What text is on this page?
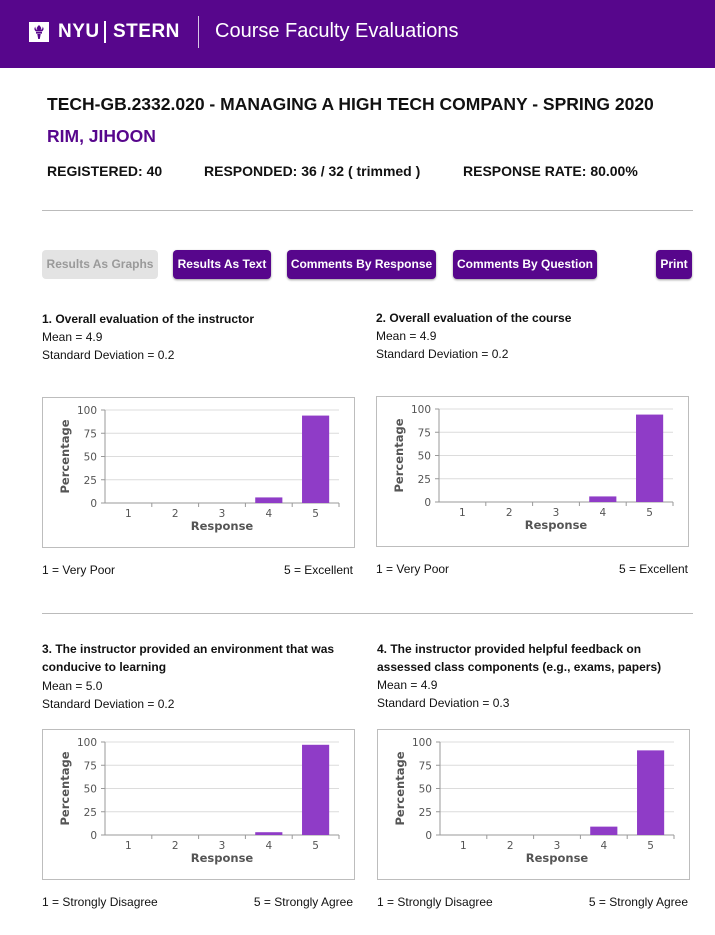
NYU STERN Course Faculty Evaluations
TECH-GB.2332.020 - MANAGING A HIGH TECH COMPANY - SPRING 2020
RIM, JIHOON
REGISTERED: 40	RESPONDED: 36 / 32 ( trimmed )	RESPONSE RATE: 80.00%
Results As Graphs	Results As Text	Comments By Response	Comments By Question	Print
1. Overall evaluation of the instructor
Mean = 4.9
Standard Deviation = 0.2
0
25
50
75
100
1	2	3	4	5
Response
Percentage
1 = Very Poor	5 = Excellent
2. Overall evaluation of the course
Mean = 4.9
Standard Deviation = 0.2
0
25
50
75
100
1	2	3	4	5
Response
Percentage
1 = Very Poor	5 = Excellent
3. The instructor provided an environment that was
conducive to learning
Mean = 5.0
Standard Deviation = 0.2
0
25
50
75
100
1	2	3	4	5
Response
Percentage
1 = Strongly Disagree	5 = Strongly Agree
4. The instructor provided helpful feedback on
assessed class components (e.g., exams, papers)
Mean = 4.9
Standard Deviation = 0.3
0
25
50
75
100
1	2	3	4	5
Response
Percentage
1 = Strongly Disagree	5 = Strongly Agree
